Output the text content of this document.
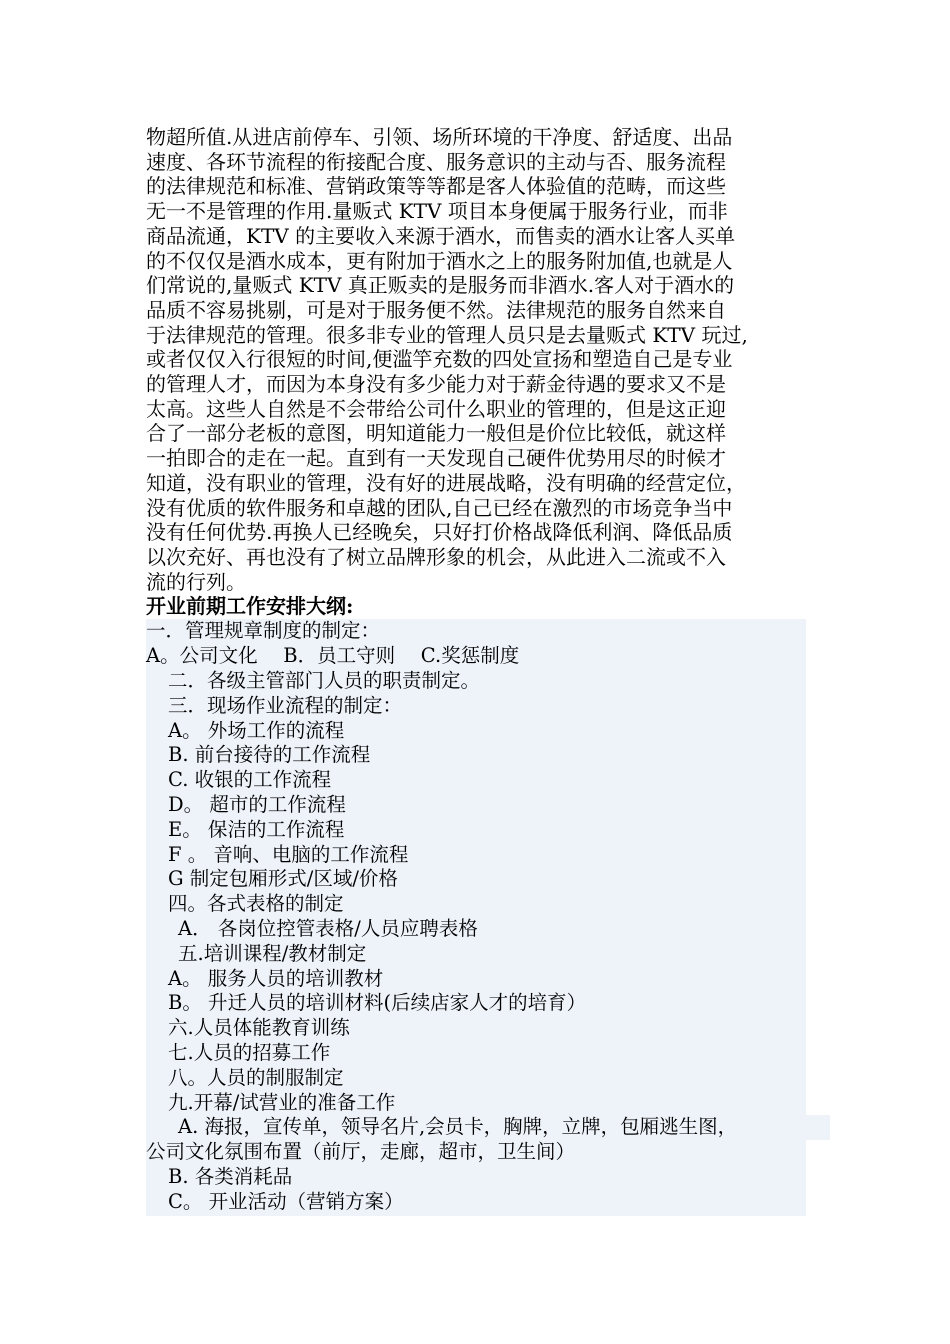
物超所值.从进店前停车、引领、场所环境的干净度、舒适度、出品
速度、各环节流程的衔接配合度、服务意识的主动与否、服务流程
的法律规范和标准、营销政策等等都是客人体验值的范畴，而这些
无一不是管理的作用.量贩式 KTV 项目本身便属于服务行业，而非
商品流通，KTV 的主要收入来源于酒水，而售卖的酒水让客人买单
的不仅仅是酒水成本，更有附加于酒水之上的服务附加值,也就是人
们常说的,量贩式 KTV 真正贩卖的是服务而非酒水.客人对于酒水的
品质不容易挑剔，可是对于服务便不然。法律规范的服务自然来自
于法律规范的管理。很多非专业的管理人员只是去量贩式 KTV 玩过,
或者仅仅入行很短的时间,便滥竽充数的四处宣扬和塑造自己是专业
的管理人才，而因为本身没有多少能力对于薪金待遇的要求又不是
太高。这些人自然是不会带给公司什么职业的管理的，但是这正迎
合了一部分老板的意图，明知道能力一般但是价位比较低，就这样
一拍即合的走在一起。直到有一天发现自己硬件优势用尽的时候才
知道，没有职业的管理，没有好的进展战略，没有明确的经营定位，
没有优质的软件服务和卓越的团队,自己已经在激烈的市场竞争当中
没有任何优势.再换人已经晚矣，只好打价格战降低利润、降低品质
以次充好、再也没有了树立品牌形象的机会，从此进入二流或不入
流的行列。

开业前期工作安排大纲:

一．管理规章制度的制定：
A。公司文化　 B．员工守则　 C.奖惩制度
二．各级主管部门人员的职责制定。
三．现场作业流程的制定：
A。 外场工作的流程
B. 前台接待的工作流程
C. 收银的工作流程
D。 超市的工作流程
E。 保洁的工作流程
F 。 音响、电脑的工作流程
G 制定包厢形式/区域/价格
四。各式表格的制定
A． 各岗位控管表格/人员应聘表格
五.培训课程/教材制定
A。 服务人员的培训教材
B。 升迁人员的培训材料(后续店家人才的培育）
六.人员体能教育训练
七.人员的招募工作
八。人员的制服制定
九.开幕/试营业的准备工作
A. 海报，宣传单，领导名片,会员卡，胸牌，立牌，包厢逃生图，
公司文化氛围布置（前厅，走廊，超市，卫生间）
B. 各类消耗品
C。 开业活动（营销方案）
